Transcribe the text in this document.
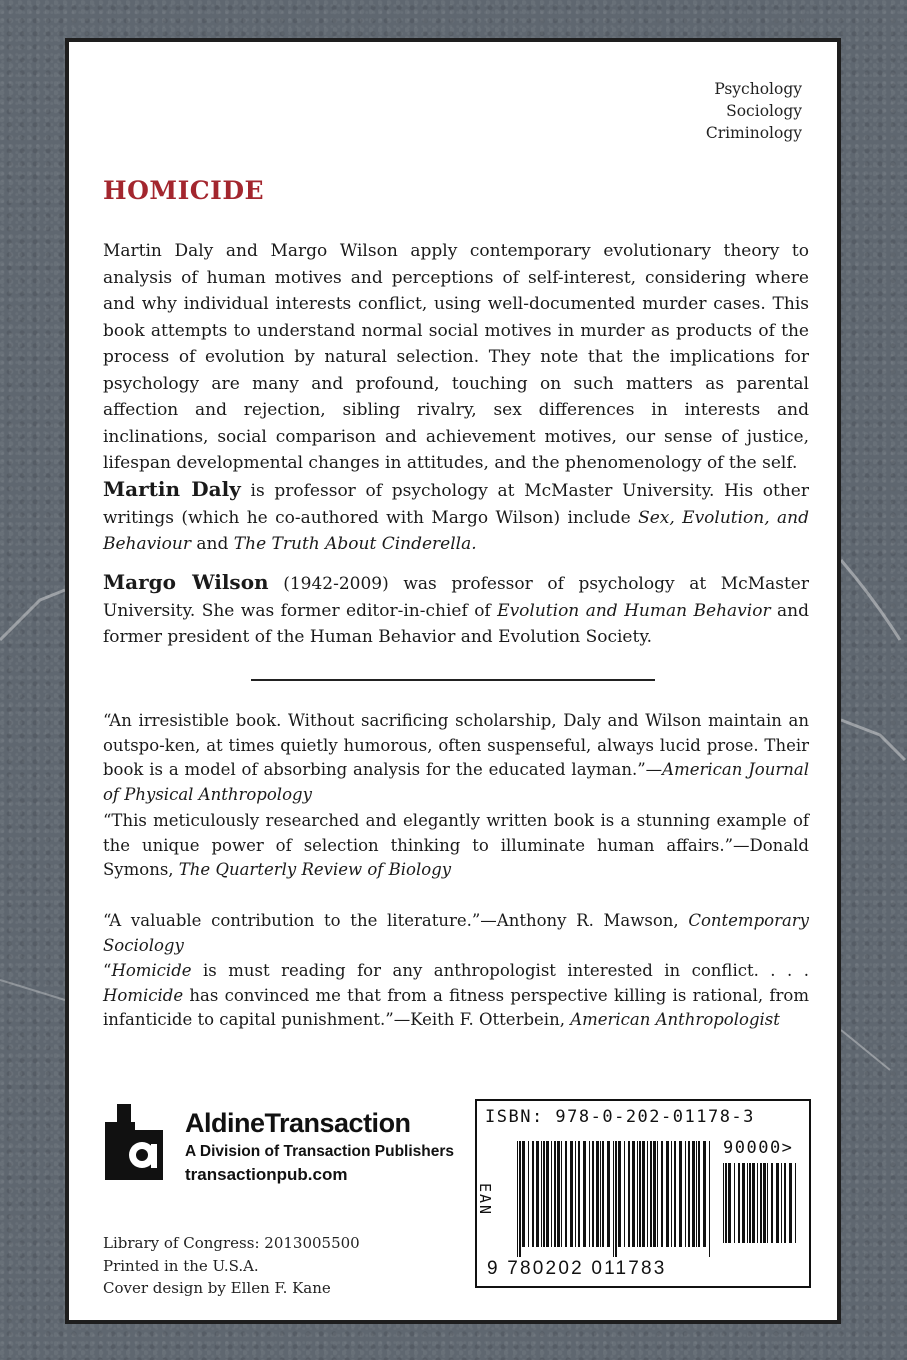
Psychology
Sociology
Criminology
HOMICIDE

Martin Daly and Margo Wilson apply contemporary evolutionary theory to analysis of human motives and perceptions of self-interest, considering where and why individual interests conflict, using well-documented murder cases. This book attempts to understand normal social motives in murder as products of the process of evolution by natural selection. They note that the implications for psychology are many and profound, touching on such matters as parental affection and rejection, sibling rivalry, sex differences in interests and inclinations, social comparison and achievement motives, our sense of justice, lifespan developmental changes in attitudes, and the phenomenology of the self.

Martin Daly is professor of psychology at McMaster University. His other writings (which he co-authored with Margo Wilson) include Sex, Evolution, and Behaviour and The Truth About Cinderella.

Margo Wilson (1942-2009) was professor of psychology at McMaster University. She was former editor-in-chief of Evolution and Human Behavior and former president of the Human Behavior and Evolution Society.

“An irresistible book. Without sacrificing scholarship, Daly and Wilson maintain an outspo-ken, at times quietly humorous, often suspenseful, always lucid prose. Their book is a model of absorbing analysis for the educated layman.”—American Journal of Physical Anthropology

“This meticulously researched and elegantly written book is a stunning example of the unique power of selection thinking to illuminate human affairs.”—Donald Symons, The Quarterly Review of Biology

“A valuable contribution to the literature.”—Anthony R. Mawson, Contemporary Sociology

“Homicide is must reading for any anthropologist interested in conflict. . . . Homicide has convinced me that from a fitness perspective killing is rational, from infanticide to capital punishment.”—Keith F. Otterbein, American Anthropologist

AldineTransaction
A Division of Transaction Publishers
transactionpub.com
Library of Congress: 2013005500
Printed in the U.S.A.
Cover design by Ellen F. Kane
ISBN: 978-0-202-01178-3
90000>
EAN
9 780202 011783
